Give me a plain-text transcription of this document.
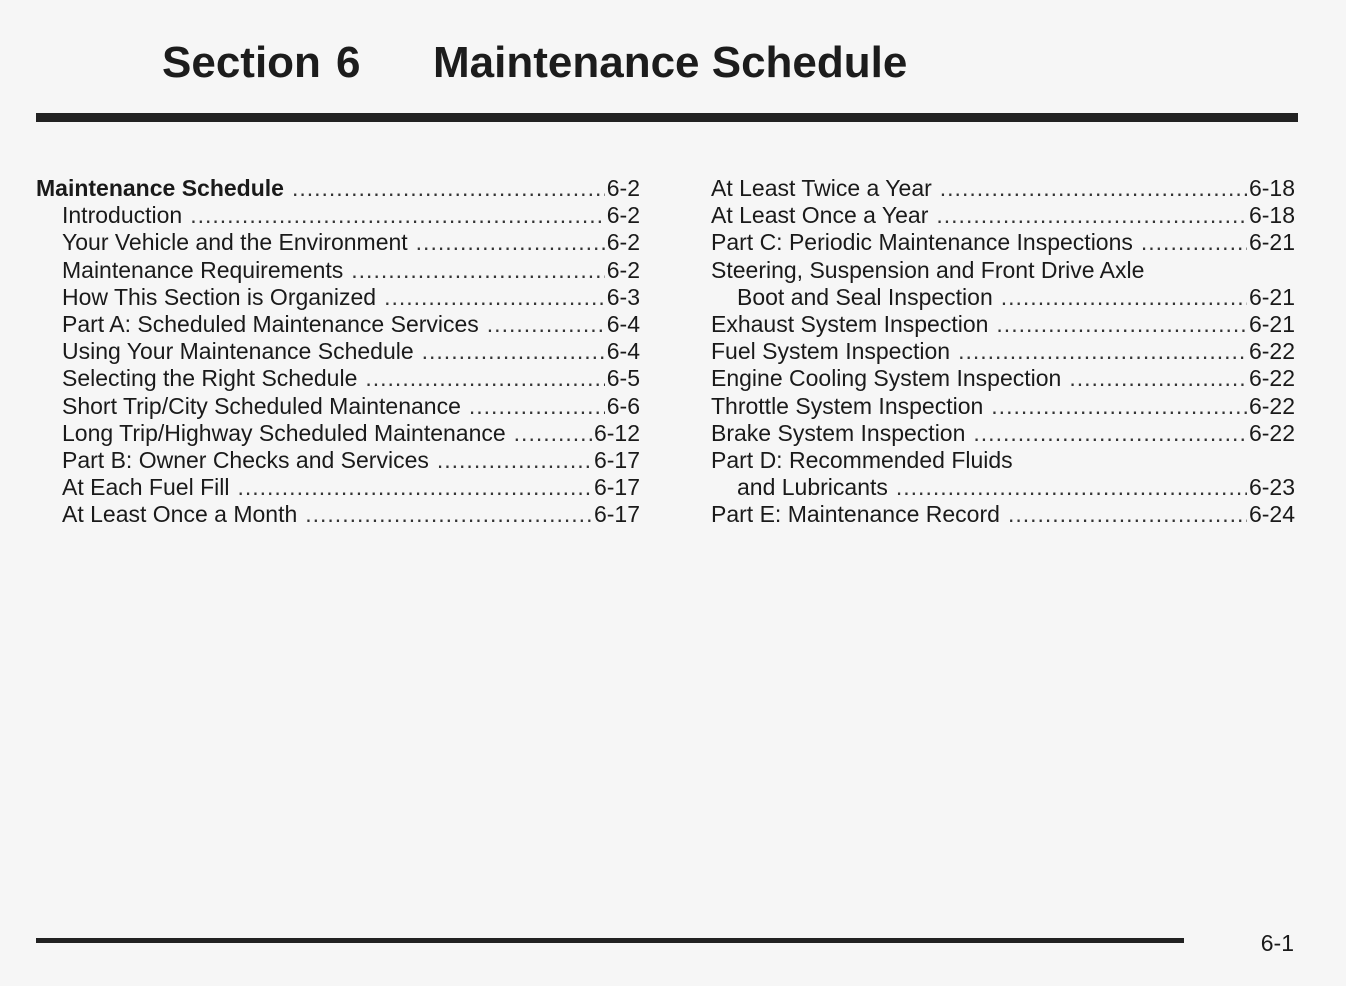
Section 6 Maintenance Schedule
Maintenance Schedule .....	6-2
Introduction .....	6-2
Your Vehicle and the Environment .....	6-2
Maintenance Requirements .....	6-2
How This Section is Organized .....	6-3
Part A: Scheduled Maintenance Services .....	6-4
Using Your Maintenance Schedule .....	6-4
Selecting the Right Schedule .....	6-5
Short Trip/City Scheduled Maintenance .....	6-6
Long Trip/Highway Scheduled Maintenance .....	6-12
Part B: Owner Checks and Services .....	6-17
At Each Fuel Fill .....	6-17
At Least Once a Month .....	6-17
At Least Twice a Year .....	6-18
At Least Once a Year .....	6-18
Part C: Periodic Maintenance Inspections .....	6-21
Steering, Suspension and Front Drive Axle
Boot and Seal Inspection .....	6-21
Exhaust System Inspection .....	6-21
Fuel System Inspection .....	6-22
Engine Cooling System Inspection .....	6-22
Throttle System Inspection .....	6-22
Brake System Inspection .....	6-22
Part D: Recommended Fluids
and Lubricants .....	6-23
Part E: Maintenance Record .....	6-24
6-1
